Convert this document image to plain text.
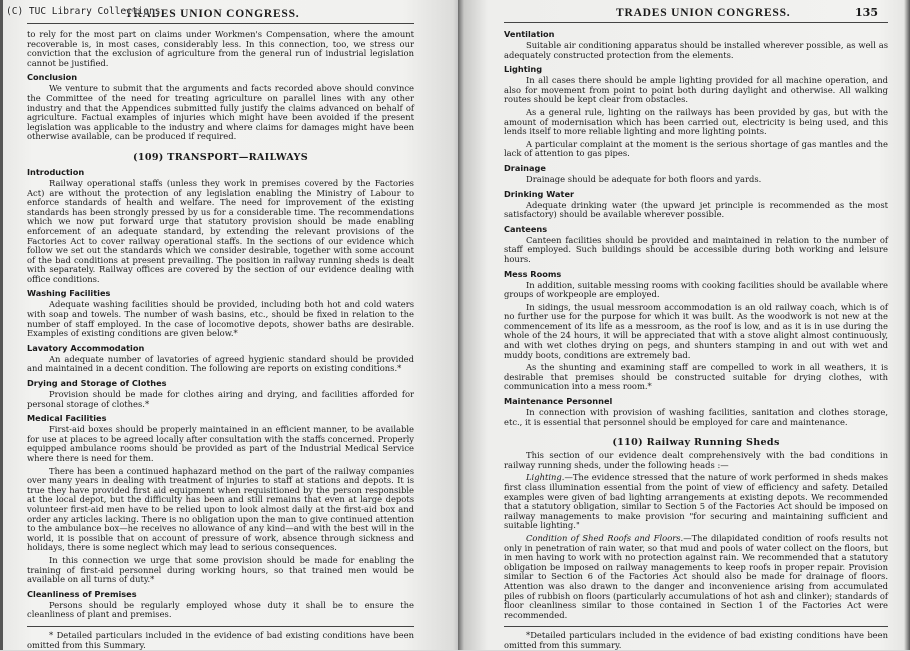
(C) TUC Library Collections
TRADES UNION CONGRESS.

to rely for the most part on claims under Workmen's Compensation, where the amount recoverable is, in most cases, considerably less. In this connection, too, we stress our conviction that the exclusion of agriculture from the general run of industrial legislation cannot be justified.

Conclusion

We venture to submit that the arguments and facts recorded above should convince the Committee of the need for treating agriculture on parallel lines with any other industry and that the Appendices submitted fully justify the claims advanced on behalf of agriculture. Factual examples of injuries which might have been avoided if the present legislation was applicable to the industry and where claims for damages might have been otherwise available, can be produced if required.

(109) TRANSPORT—RAILWAYS
Introduction

Railway operational staffs (unless they work in premises covered by the Factories Act) are without the protection of any legislation enabling the Ministry of Labour to enforce standards of health and welfare. The need for improvement of the existing standards has been strongly pressed by us for a considerable time. The recommendations which we now put forward urge that statutory provision should be made enabling enforcement of an adequate standard, by extending the relevant provisions of the Factories Act to cover railway operational staffs. In the sections of our evidence which follow we set out the standards which we consider desirable, together with some account of the bad conditions at present prevailing. The position in railway running sheds is dealt with separately. Railway offices are covered by the section of our evidence dealing with office conditions.

Washing Facilities

Adequate washing facilities should be provided, including both hot and cold waters with soap and towels. The number of wash basins, etc., should be fixed in relation to the number of staff employed. In the case of locomotive depots, shower baths are desirable. Examples of existing conditions are given below.*

Lavatory Accommodation

An adequate number of lavatories of agreed hygienic standard should be provided and maintained in a decent condition. The following are reports on existing conditions.*

Drying and Storage of Clothes

Provision should be made for clothes airing and drying, and facilities afforded for personal storage of clothes.*

Medical Facilities

First-aid boxes should be properly maintained in an efficient manner, to be available for use at places to be agreed locally after consultation with the staffs concerned. Properly equipped ambulance rooms should be provided as part of the Industrial Medical Service where there is need for them.

There has been a continued haphazard method on the part of the railway companies over many years in dealing with treatment of injuries to staff at stations and depots. It is true they have provided first aid equipment when requisitioned by the person responsible at the local depot, but the difficulty has been and still remains that even at large depots volunteer first-aid men have to be relied upon to look almost daily at the first-aid box and order any articles lacking. There is no obligation upon the man to give continued attention to the ambulance box—he receives no allowance of any kind—and with the best will in the world, it is possible that on account of pressure of work, absence through sickness and holidays, there is some neglect which may lead to serious consequences.

In this connection we urge that some provision should be made for enabling the training of first-aid personnel during working hours, so that trained men would be available on all turns of duty.*

Cleanliness of Premises

Persons should be regularly employed whose duty it shall be to ensure the cleanliness of plant and premises.

* Detailed particulars included in the evidence of bad existing conditions have been omitted from this Summary.

135
TRADES UNION CONGRESS.
Ventilation

Suitable air conditioning apparatus should be installed wherever possible, as well as adequately constructed protection from the elements.

Lighting

In all cases there should be ample lighting provided for all machine operation, and also for movement from point to point both during daylight and otherwise. All walking routes should be kept clear from obstacles.

As a general rule, lighting on the railways has been provided by gas, but with the amount of modernisation which has been carried out, electricity is being used, and this lends itself to more reliable lighting and more lighting points.

A particular complaint at the moment is the serious shortage of gas mantles and the lack of attention to gas pipes.

Drainage

Drainage should be adequate for both floors and yards.

Drinking Water

Adequate drinking water (the upward jet principle is recommended as the most satisfactory) should be available wherever possible.

Canteens

Canteen facilities should be provided and maintained in relation to the number of staff employed. Such buildings should be accessible during both working and leisure hours.

Mess Rooms

In addition, suitable messing rooms with cooking facilities should be available where groups of workpeople are employed.

In sidings, the usual messroom accommodation is an old railway coach, which is of no further use for the purpose for which it was built. As the woodwork is not new at the commencement of its life as a messroom, as the roof is low, and as it is in use during the whole of the 24 hours, it will be appreciated that with a stove alight almost continuously, and with wet clothes drying on pegs, and shunters stamping in and out with wet and muddy boots, conditions are extremely bad.

As the shunting and examining staff are compelled to work in all weathers, it is desirable that premises should be constructed suitable for drying clothes, with communication into a mess room.*

Maintenance Personnel

In connection with provision of washing facilities, sanitation and clothes storage, etc., it is essential that personnel should be employed for care and maintenance.

(110) Railway Running Sheds

This section of our evidence dealt comprehensively with the bad conditions in railway running sheds, under the following heads :—

Lighting.—The evidence stressed that the nature of work performed in sheds makes first class illumination essential from the point of view of efficiency and safety. Detailed examples were given of bad lighting arrangements at existing depots. We recommended that a statutory obligation, similar to Section 5 of the Factories Act should be imposed on railway managements to make provision "for securing and maintaining sufficient and suitable lighting."

Condition of Shed Roofs and Floors.—The dilapidated condition of roofs results not only in penetration of rain water, so that mud and pools of water collect on the floors, but in men having to work with no protection against rain. We recommended that a statutory obligation be imposed on railway managements to keep roofs in proper repair. Provision similar to Section 6 of the Factories Act should also be made for drainage of floors. Attention was also drawn to the danger and inconvenience arising from accumulated piles of rubbish on floors (particularly accumulations of hot ash and clinker); standards of floor cleanliness similar to those contained in Section 1 of the Factories Act were recommended.

*Detailed particulars included in the evidence of bad existing conditions have been omitted from this summary.
